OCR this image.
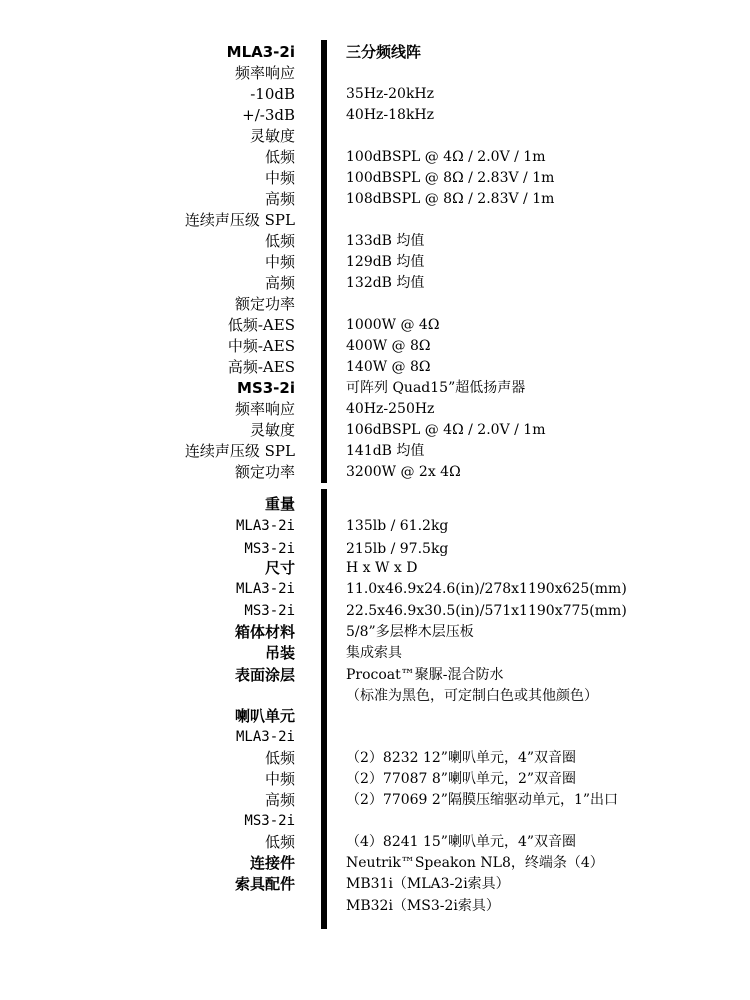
MLA3-2i	三分频线阵
频率响应
-10dB	35Hz-20kHz
+/-3dB	40Hz-18kHz
灵敏度
低频	100dBSPL @ 4Ω / 2.0V / 1m
中频	100dBSPL @ 8Ω / 2.83V / 1m
高频	108dBSPL @ 8Ω / 2.83V / 1m
连续声压级 SPL
低频	133dB 均值
中频	129dB 均值
高频	132dB 均值
额定功率
低频-AES	1000W @ 4Ω
中频-AES	400W @ 8Ω
高频-AES	140W @ 8Ω
MS3-2i	可阵列 Quad15”超低扬声器
频率响应	40Hz-250Hz
灵敏度	106dBSPL @ 4Ω / 2.0V / 1m
连续声压级 SPL	141dB 均值
额定功率	3200W @ 2x 4Ω
重量
MLA3-2i	135lb / 61.2kg
MS3-2i	215lb / 97.5kg
尺寸	H x W x D
MLA3-2i	11.0x46.9x24.6(in)/278x1190x625(mm)
MS3-2i	22.5x46.9x30.5(in)/571x1190x775(mm)
箱体材料	5/8”多层桦木层压板
吊装	集成索具
表面涂层	Procoat™聚脲-混合防水
（标准为黑色，可定制白色或其他颜色）
喇叭单元
MLA3-2i
低频	（2）8232 12”喇叭单元，4”双音圈
中频	（2）77087 8”喇叭单元，2”双音圈
高频	（2）77069 2”隔膜压缩驱动单元，1”出口
MS3-2i
低频	（4）8241 15”喇叭单元，4”双音圈
连接件	Neutrik™Speakon NL8，终端条（4）
索具配件	MB31i（MLA3-2i索具）
MB32i（MS3-2i索具）
